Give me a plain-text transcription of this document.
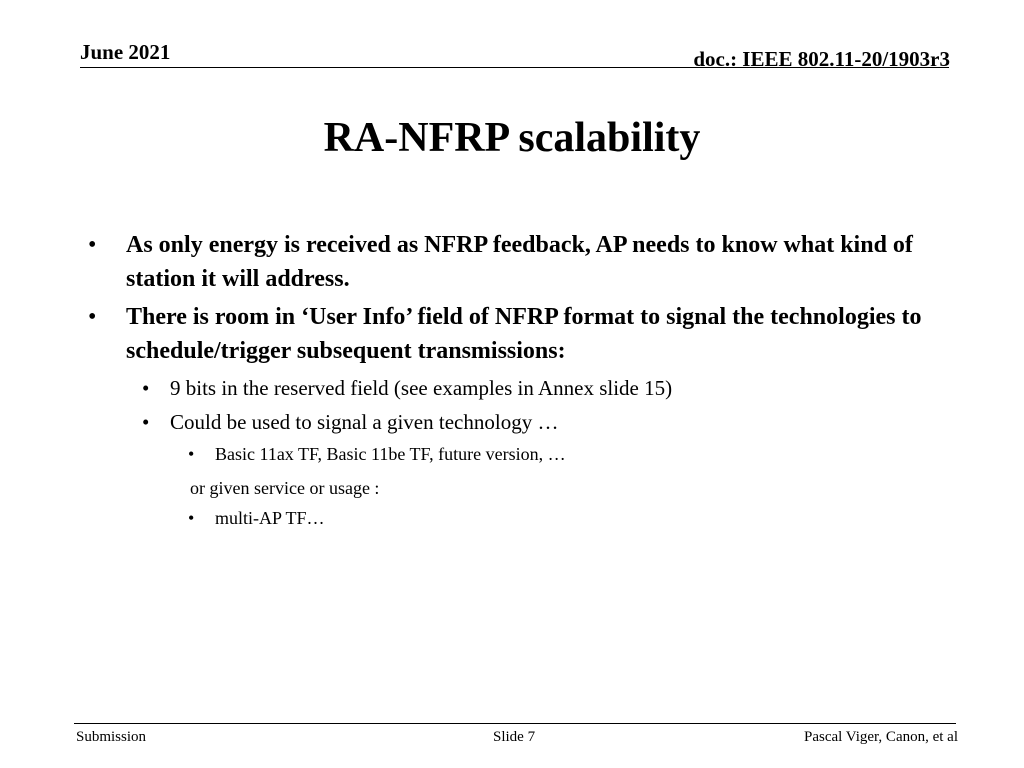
June 2021	doc.: IEEE 802.11-20/1903r3
RA-NFRP scalability
• As only energy is received as NFRP feedback, AP needs to know what kind of station it will address.
• There is room in ‘User Info’ field of NFRP format to signal the technologies to schedule/trigger subsequent transmissions:
• 9 bits in the reserved field (see examples in Annex slide 15)
• Could be used to signal a given technology …
• Basic 11ax TF, Basic 11be TF, future version, …
or given service or usage :
• multi-AP TF…
Submission	Slide 7	Pascal Viger, Canon, et al
